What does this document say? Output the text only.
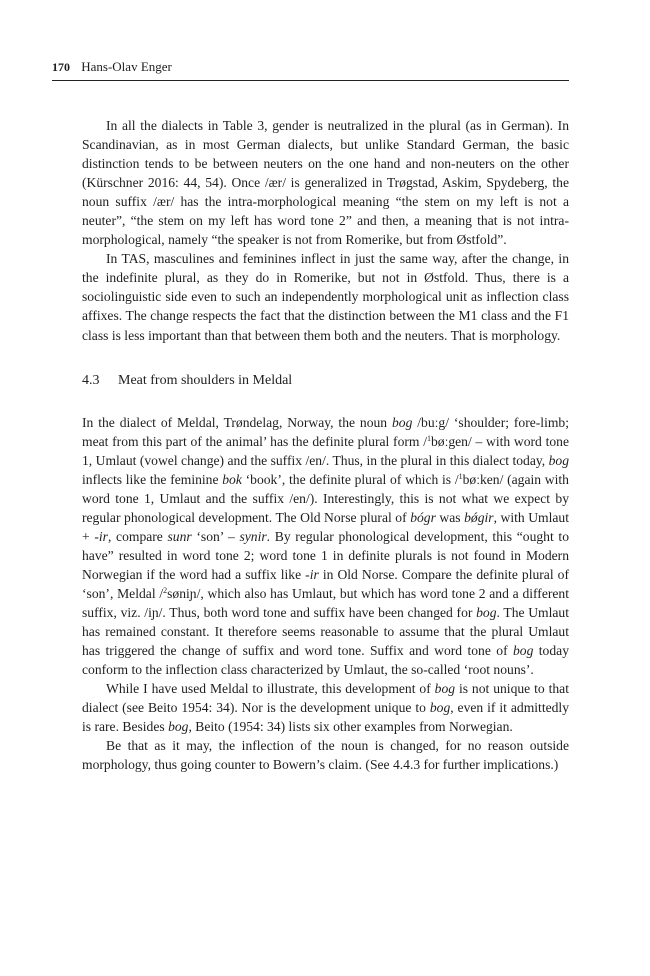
170 Hans-Olav Enger

In all the dialects in Table 3, gender is neutralized in the plural (as in German). In Scandinavian, as in most German dialects, but unlike Standard German, the basic distinction tends to be between neuters on the one hand and non-neuters on the other (Kürschner 2016: 44, 54). Once /ær/ is generalized in Trøgstad, Askim, Spydeberg, the noun suffix /ær/ has the intra-morphological meaning “the stem on my left is not a neuter”, “the stem on my left has word tone 2” and then, a meaning that is not intra-morphological, namely “the speaker is not from Romerike, but from Østfold”.

In TAS, masculines and feminines inflect in just the same way, after the change, in the indefinite plural, as they do in Romerike, but not in Østfold. Thus, there is a sociolinguistic side even to such an independently morphological unit as inflection class affixes. The change respects the fact that the distinction between the M1 class and the F1 class is less important than that between them both and the neuters. That is morphology.

4.3 Meat from shoulders in Meldal

In the dialect of Meldal, Trøndelag, Norway, the noun bog /buːg/ ‘shoulder; fore-limb; meat from this part of the animal’ has the definite plural form /$^1$bøːgen/ – with word tone 1, Umlaut (vowel change) and the suffix /en/. Thus, in the plural in this dialect today, bog inflects like the feminine bok ‘book’, the definite plural of which is /$^1$bøːken/ (again with word tone 1, Umlaut and the suffix /en/). Interestingly, this is not what we expect by regular phonological development. The Old Norse plural of bógr was bǿgir, with Umlaut + -ir, compare sunr ‘son’ – synir. By regular phonological development, this “ought to have” resulted in word tone 2; word tone 1 in definite plurals is not found in Modern Norwegian if the word had a suffix like -ir in Old Norse. Compare the definite plural of ‘son’, Meldal /$^2$søniɲ/, which also has Umlaut, but which has word tone 2 and a different suffix, viz. /iɲ/. Thus, both word tone and suffix have been changed for bog. The Umlaut has remained constant. It therefore seems reasonable to assume that the plural Umlaut has triggered the change of suffix and word tone. Suffix and word tone of bog today conform to the inflection class characterized by Umlaut, the so-called ‘root nouns’.

While I have used Meldal to illustrate, this development of bog is not unique to that dialect (see Beito 1954: 34). Nor is the development unique to bog, even if it admittedly is rare. Besides bog, Beito (1954: 34) lists six other examples from Norwegian.

Be that as it may, the inflection of the noun is changed, for no reason outside morphology, thus going counter to Bowern’s claim. (See 4.4.3 for further implications.)
